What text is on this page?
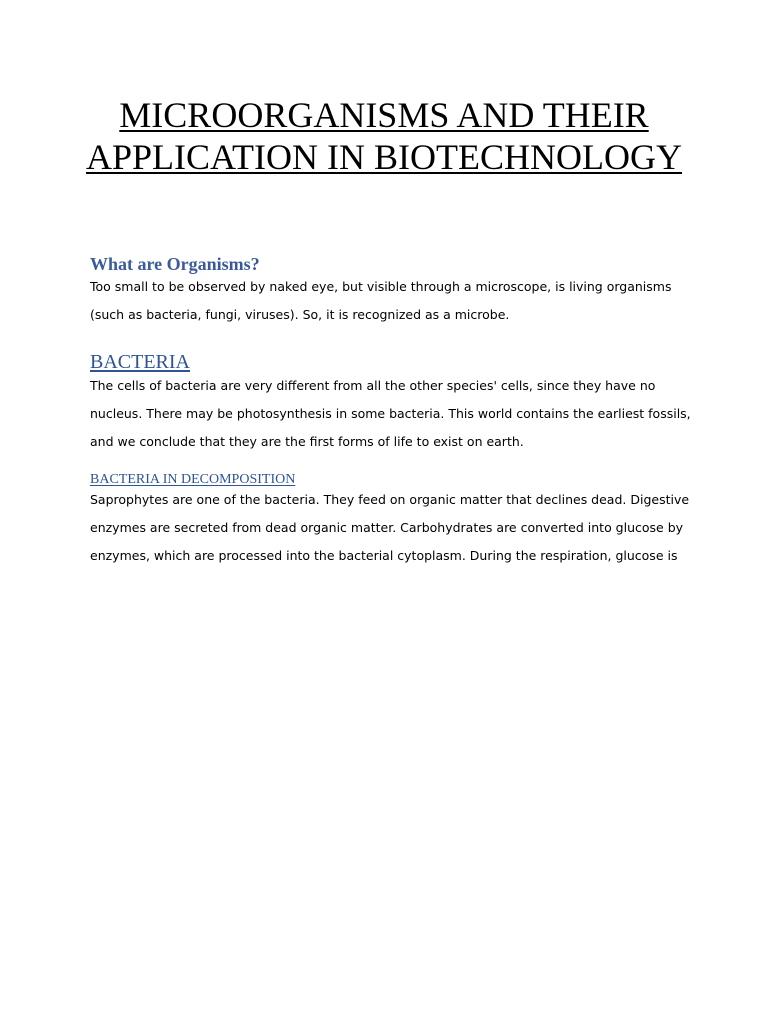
MICROORGANISMS AND THEIR APPLICATION IN BIOTECHNOLOGY
What are Organisms?

Too small to be observed by naked eye, but visible through a microscope, is living organisms
(such as bacteria, fungi, viruses). So, it is recognized as a microbe.

BACTERIA

The cells of bacteria are very different from all the other species' cells, since they have no
nucleus. There may be photosynthesis in some bacteria. This world contains the earliest fossils,
and we conclude that they are the first forms of life to exist on earth.

BACTERIA IN DECOMPOSITION

Saprophytes are one of the bacteria. They feed on organic matter that declines dead. Digestive
enzymes are secreted from dead organic matter. Carbohydrates are converted into glucose by
enzymes, which are processed into the bacterial cytoplasm. During the respiration, glucose is
